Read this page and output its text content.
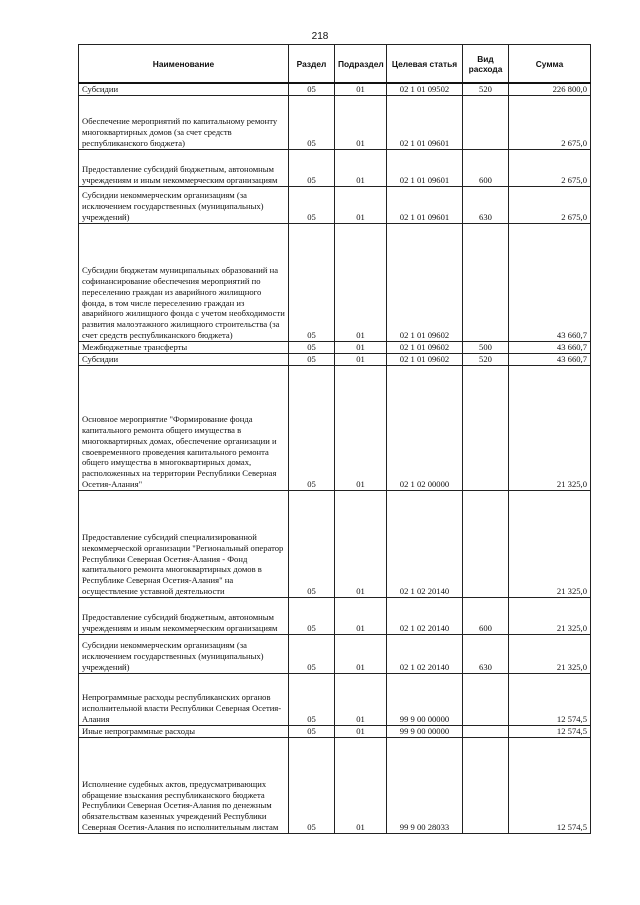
218
Наименование	Раздел	Подраздел	Целевая статья	Вид расхода	Сумма
Субсидии	05	01	02 1 01 09502	520	226 800,0
Обеспечение мероприятий по капитальному ремонту многоквартирных домов (за счет средств республиканского бюджета)	05	01	02 1 01 09601		2 675,0
Предоставление субсидий бюджетным, автономным учреждениям и иным некоммерческим организациям	05	01	02 1 01 09601	600	2 675,0
Субсидии некоммерческим организациям (за исключением государственных (муниципальных) учреждений)	05	01	02 1 01 09601	630	2 675,0
Субсидии бюджетам муниципальных образований на софинансирование обеспечения мероприятий по переселению граждан из аварийного жилищного фонда, в том числе переселению граждан из аварийного жилищного фонда с учетом необходимости развития малоэтажного жилищного строительства (за счет средств республиканского бюджета)	05	01	02 1 01 09602		43 660,7
Межбюджетные трансферты	05	01	02 1 01 09602	500	43 660,7
Субсидии	05	01	02 1 01 09602	520	43 660,7
Основное мероприятие "Формирование фонда капитального ремонта общего имущества в многоквартирных домах, обеспечение организации и своевременного проведения капитального ремонта общего имущества в многоквартирных домах, расположенных на территории Республики Северная Осетия-Алания"	05	01	02 1 02 00000		21 325,0
Предоставление субсидий специализированной некоммерческой организации "Региональный оператор Республики Северная Осетия-Алания - Фонд капитального ремонта многоквартирных домов в Республике Северная Осетия-Алания" на осуществление уставной деятельности	05	01	02 1 02 20140		21 325,0
Предоставление субсидий бюджетным, автономным учреждениям и иным некоммерческим организациям	05	01	02 1 02 20140	600	21 325,0
Субсидии некоммерческим организациям (за исключением государственных (муниципальных) учреждений)	05	01	02 1 02 20140	630	21 325,0
Непрограммные расходы республиканских органов исполнительной власти Республики Северная Осетия-Алания	05	01	99 9 00 00000		12 574,5
Иные непрограммные расходы	05	01	99 9 00 00000		12 574,5
Исполнение судебных актов, предусматривающих обращение взыскания республиканского бюджета Республики Северная Осетия-Алания по денежным обязательствам казенных учреждений Республики Северная Осетия-Алания по исполнительным листам	05	01	99 9 00 28033		12 574,5
